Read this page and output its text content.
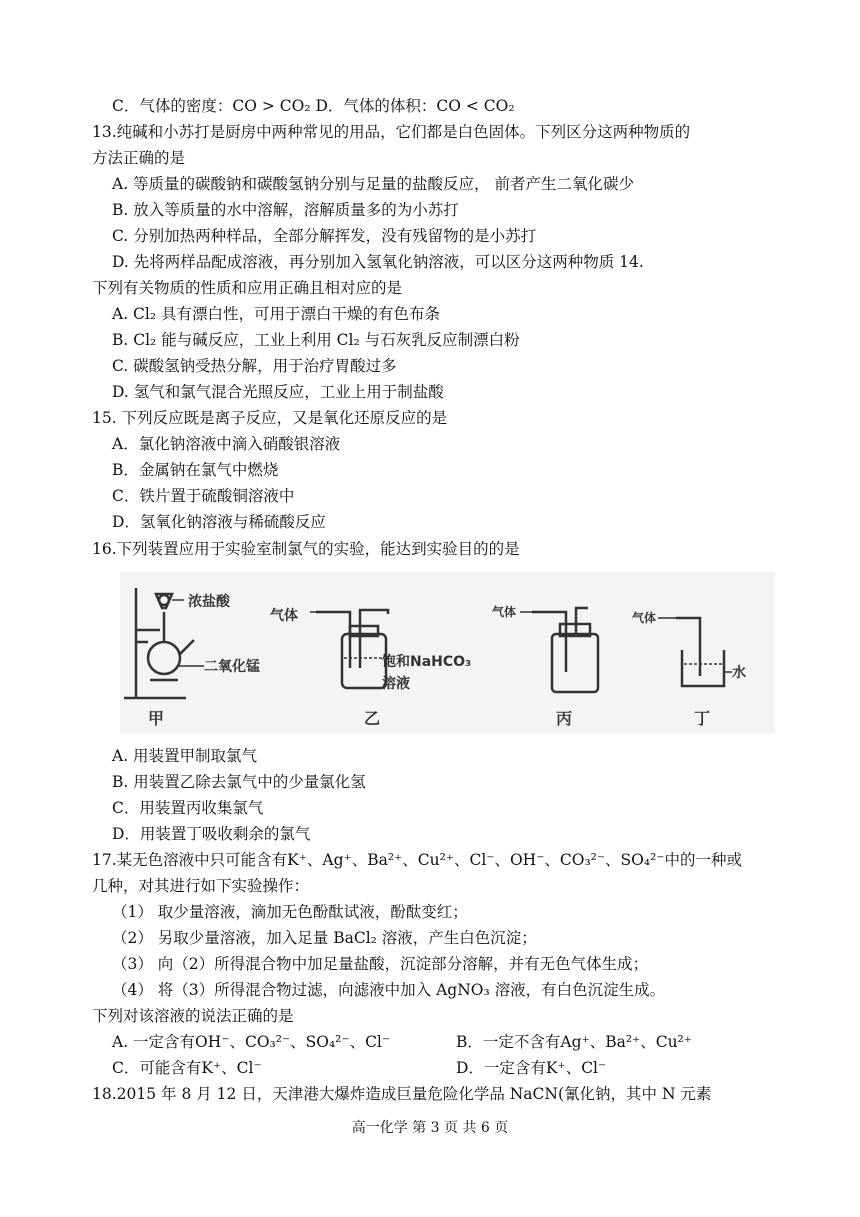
C．气体的密度：CO > CO₂ D．气体的体积：CO < CO₂
13.纯碱和小苏打是厨房中两种常见的用品，它们都是白色固体。下列区分这两种物质的
方法正确的是
A. 等质量的碳酸钠和碳酸氢钠分别与足量的盐酸反应， 前者产生二氧化碳少
B. 放入等质量的水中溶解，溶解质量多的为小苏打
C. 分别加热两种样品，全部分解挥发，没有残留物的是小苏打
D. 先将两样品配成溶液，再分别加入氢氧化钠溶液，可以区分这两种物质 14.
下列有关物质的性质和应用正确且相对应的是
A. Cl₂ 具有漂白性，可用于漂白干燥的有色布条
B. Cl₂ 能与碱反应，工业上利用 Cl₂ 与石灰乳反应制漂白粉
C. 碳酸氢钠受热分解，用于治疗胃酸过多
D. 氢气和氯气混合光照反应，工业上用于制盐酸
15. 下列反应既是离子反应，又是氧化还原反应的是
A．氯化钠溶液中滴入硝酸银溶液
B．金属钠在氯气中燃烧
C．铁片置于硫酸铜溶液中
D．氢氧化钠溶液与稀硫酸反应
16.下列装置应用于实验室制氯气的实验，能达到实验目的的是
浓盐酸
二氧化锰
甲
气体
饱和NaHCO₃
溶液
乙
气体
丙
气体
水
丁
A. 用装置甲制取氯气
B. 用装置乙除去氯气中的少量氯化氢
C．用装置丙收集氯气
D．用装置丁吸收剩余的氯气
17.某无色溶液中只可能含有K⁺、Ag⁺、Ba²⁺、Cu²⁺、Cl⁻、OH⁻、CO₃²⁻、SO₄²⁻中的一种或
几种，对其进行如下实验操作：
（1） 取少量溶液，滴加无色酚酞试液，酚酞变红；
（2） 另取少量溶液，加入足量 BaCl₂ 溶液，产生白色沉淀；
（3） 向（2）所得混合物中加足量盐酸，沉淀部分溶解，并有无色气体生成；
（4） 将（3）所得混合物过滤，向滤液中加入 AgNO₃ 溶液，有白色沉淀生成。
下列对该溶液的说法正确的是
A. 一定含有OH⁻、CO₃²⁻、SO₄²⁻、Cl⁻	B．一定不含有Ag⁺、Ba²⁺、Cu²⁺
C．可能含有K⁺、Cl⁻	D．一定含有K⁺、Cl⁻
18.2015 年 8 月 12 日，天津港大爆炸造成巨量危险化学品 NaCN(氰化钠，其中 N 元素
高一化学 第 3 页 共 6 页
